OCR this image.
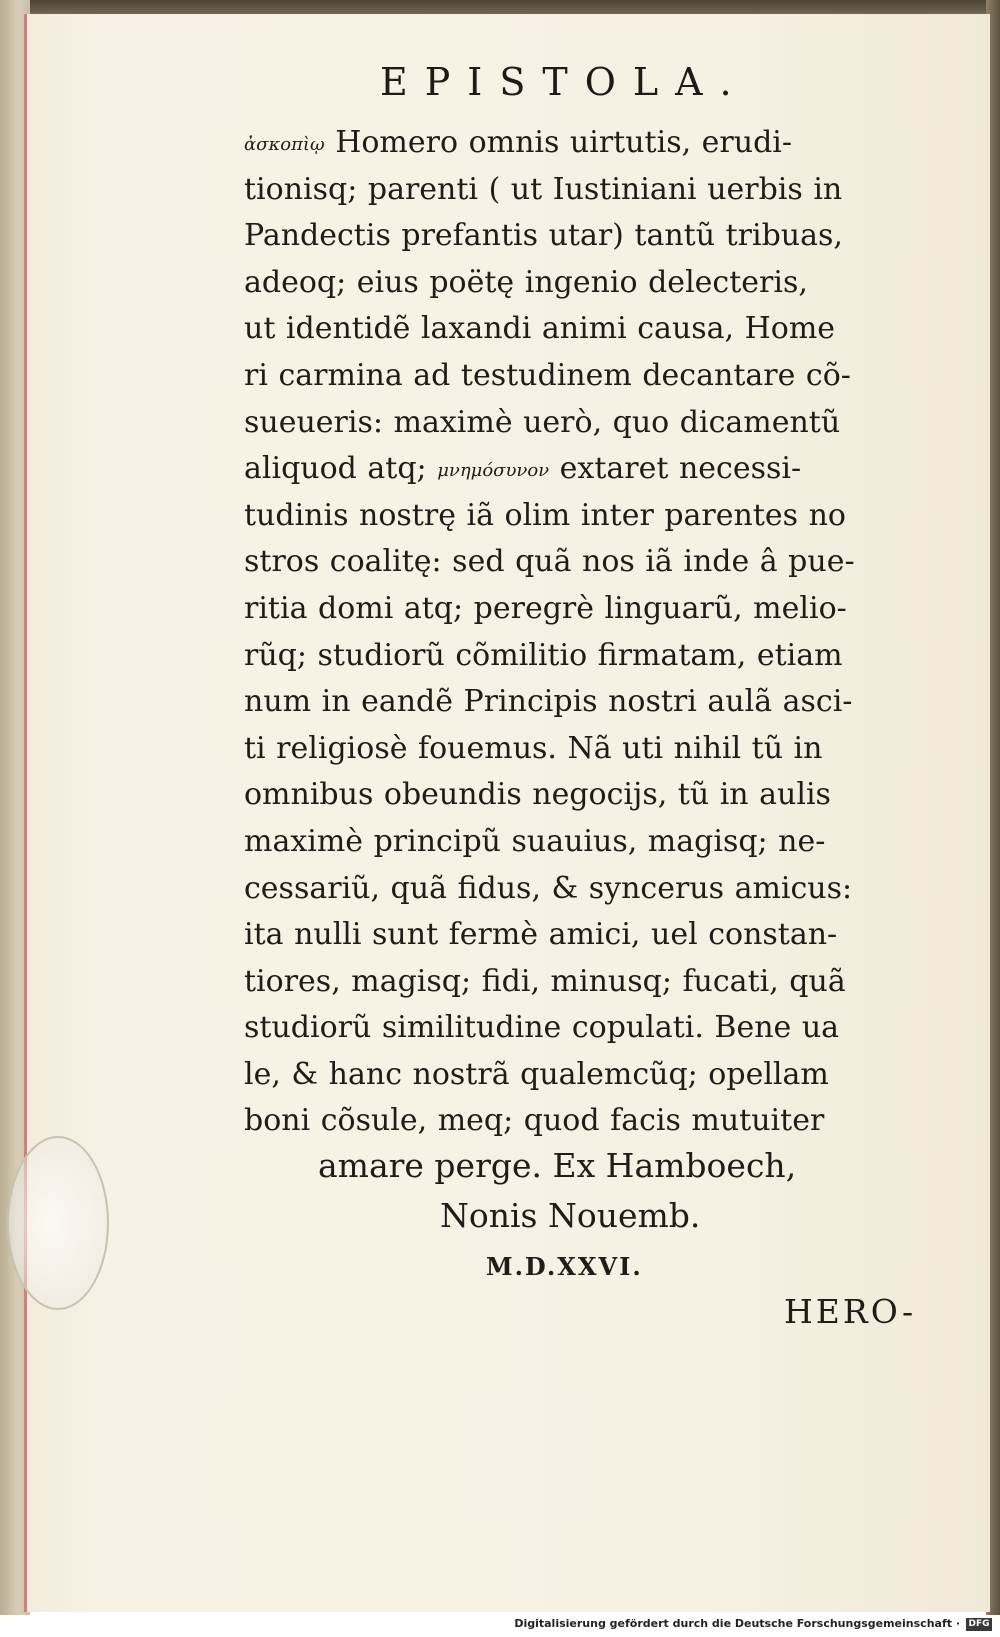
EPISTOLA.
ἀσκοπὶῳ Homero omnis uirtutis, erudi-
tionisq; parenti ( ut Iustiniani uerbis in
Pandectis prefantis utar) tantũ tribuas,
adeoq; eius poëtę ingenio delecteris,
ut identidẽ laxandi animi causa, Home
ri carmina ad testudinem decantare cõ-
sueueris: maximè uerò, quo dicamentũ
aliquod atq; μνημόσυνον extaret necessi-
tudinis nostrę iã olim inter parentes no
stros coalitę: sed quã nos iã inde â pue-
ritia domi atq; peregrè linguarũ, melio-
rũq; studiorũ cõmilitio firmatam, etiam
num in eandẽ Principis nostri aulã asci-
ti religiosè fouemus. Nã uti nihil tũ in
omnibus obeundis negocijs, tũ in aulis
maximè principũ suauius, magisq; ne-
cessariũ, quã fidus, & syncerus amicus:
ita nulli sunt fermè amici, uel constan-
tiores, magisq; fidi, minusq; fucati, quã
studiorũ similitudine copulati. Bene ua
le, & hanc nostrã qualemcũq; opellam
boni cõsule, meq; quod facis mutuiter
amare perge. Ex Hamboech,
Nonis Nouemb.
M.D.XXVI.
HERO-
Digitalisierung gefördert durch die Deutsche Forschungsgemeinschaft · DFG
